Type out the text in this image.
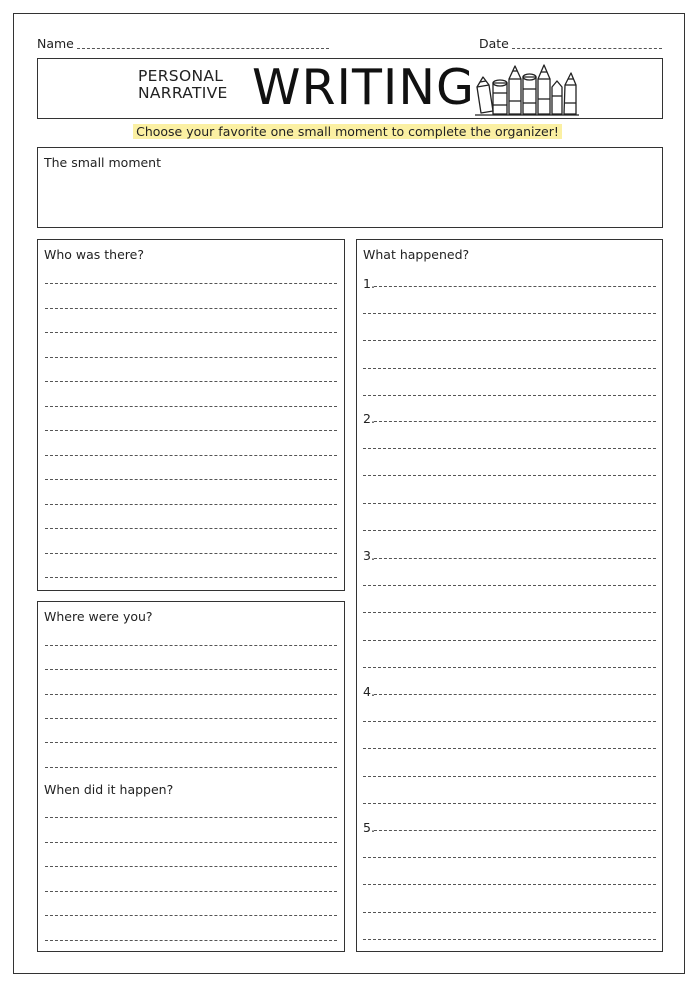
Name	Date
PERSONAL
NARRATIVE WRITING
Choose your favorite one small moment to complete the organizer!
The small moment
Who was there?
Where were you?
When did it happen?
What happened?
1.
2.
3.
4.
5.
